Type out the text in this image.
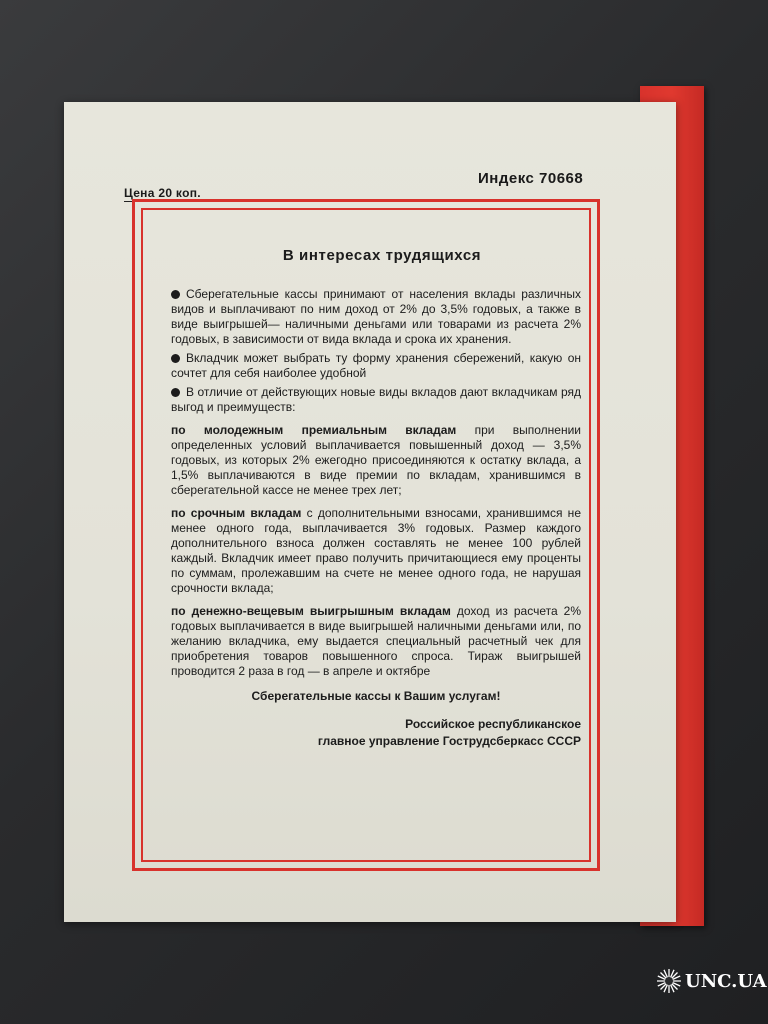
Цена 20 коп.
Индекс 70668
В интересах трудящихся

Сберегательные кассы принимают от населения вклады различных видов и выплачивают по ним доход от 2% до 3,5% годовых, а также в виде выигрышей— наличными деньгами или товарами из расчета 2% годовых, в зависимости от вида вклада и срока их хранения.

Вкладчик может выбрать ту форму хранения сбережений, какую он сочтет для себя наиболее удобной

В отличие от действующих новые виды вкладов дают вкладчикам ряд выгод и преимуществ:

по молодежным премиальным вкладам при выполнении определенных условий выплачивается повышенный доход — 3,5% годовых, из которых 2% ежегодно присоединяются к остатку вклада, а 1,5% выплачиваются в виде премии по вкладам, хранившимся в сберегательной кассе не менее трех лет;

по срочным вкладам с дополнительными взносами, хранившимся не менее одного года, выплачивается 3% годовых. Размер каждого дополнительного взноса должен составлять не менее 100 рублей каждый. Вкладчик имеет право получить причитающиеся ему проценты по суммам, пролежавшим на счете не менее одного года, не нарушая срочности вклада;

по денежно-вещевым выигрышным вкладам доход из расчета 2% годовых выплачивается в виде выигрышей наличными деньгами или, по желанию вкладчика, ему выдается специальный расчетный чек для приобретения товаров повышенного спроса. Тираж выигрышей проводится 2 раза в год — в апреле и октябре

Сберегательные кассы к Вашим услугам!
Российское республиканское
главное управление Гострудсберкасс СССР
UNC.UA
